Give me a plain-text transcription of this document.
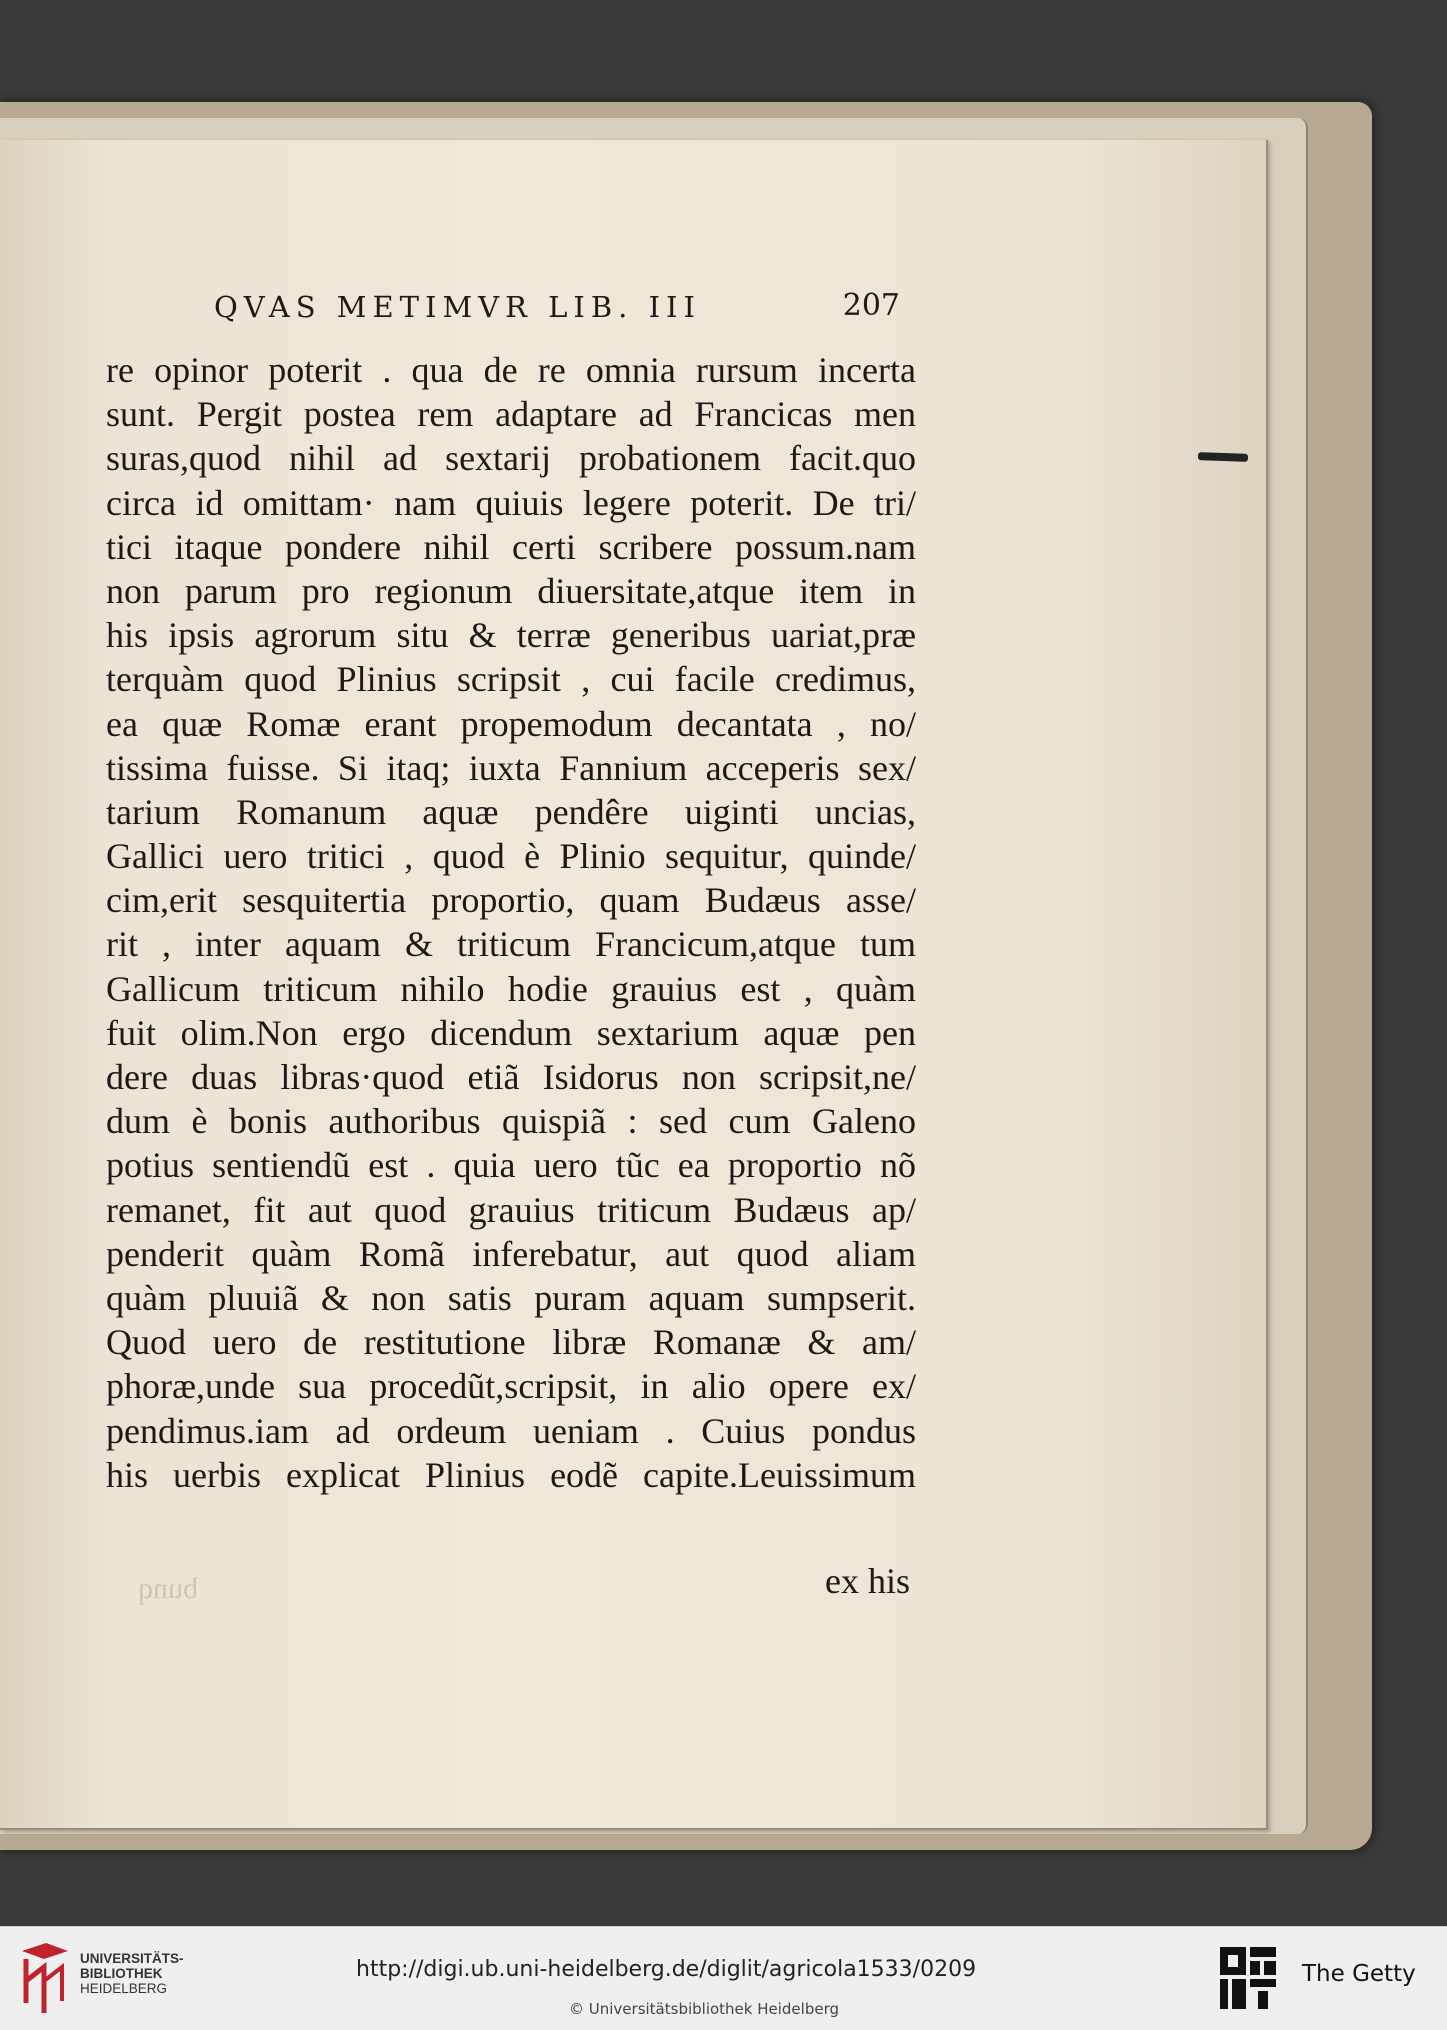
QVAS METIMVR LIB. III	207
re opinor poterit . qua de re omnia rursum incerta
sunt. Pergit postea rem adaptare ad Francicas men
suras,quod nihil ad sextarij probationem facit.quo
circa id omittam· nam quiuis legere poterit. De tri/
tici itaque pondere nihil certi scribere possum.nam
non parum pro regionum diuersitate,atque item in
his ipsis agrorum situ & terræ generibus uariat,præ
terquàm quod Plinius scripsit , cui facile credimus,
ea quæ Romæ erant propemodum decantata , no/
tissima fuisse. Si itaq; iuxta Fannium acceperis sex/
tarium Romanum aquæ pendêre uiginti uncias,
Gallici uero tritici , quod è Plinio sequitur, quinde/
cim,erit sesquitertia proportio, quam Budæus asse/
rit , inter aquam & triticum Francicum,atque tum
Gallicum triticum nihilo hodie grauius est , quàm
fuit olim.Non ergo dicendum sextarium aquæ pen
dere duas libras·quod etiã Isidorus non scripsit,ne/
dum è bonis authoribus quispiã : sed cum Galeno
potius sentiendũ est . quia uero tũc ea proportio nõ
remanet, fit aut quod grauius triticum Budæus ap/
penderit quàm Romã inferebatur, aut quod aliam
quàm pluuiã & non satis puram aquam sumpserit.
Quod uero de restitutione libræ Romanæ & am/
phoræ,unde sua procedũt,scripsit, in alio opere ex/
pendimus.iam ad ordeum ueniam . Cuius pondus
his uerbis explicat Plinius eodẽ capite.Leuissimum
bunq	ex his
UNIVERSITÄTS-
BIBLIOTHEK
HEIDELBERG
http://digi.ub.uni-heidelberg.de/diglit/agricola1533/0209
© Universitätsbibliothek Heidelberg
The Getty
